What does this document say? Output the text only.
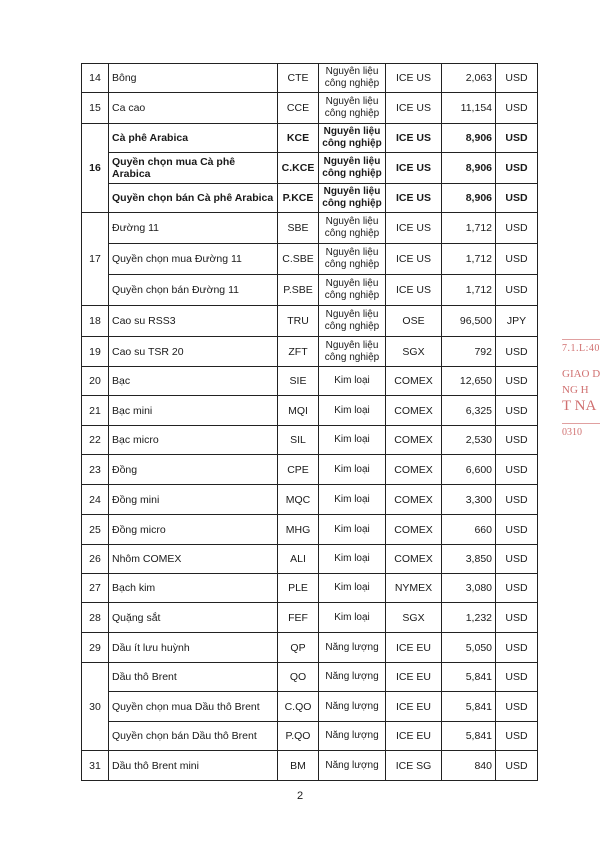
14	Bông	CTE	Nguyên liệu công nghiệp	ICE US	2,063	USD
15	Ca cao	CCE	Nguyên liệu công nghiệp	ICE US	11,154	USD
16	Cà phê Arabica	KCE	Nguyên liệu công nghiệp	ICE US	8,906	USD
	Quyền chọn mua Cà phê Arabica	C.KCE	Nguyên liệu công nghiệp	ICE US	8,906	USD
	Quyền chọn bán Cà phê Arabica	P.KCE	Nguyên liệu công nghiệp	ICE US	8,906	USD
17	Đường 11	SBE	Nguyên liệu công nghiệp	ICE US	1,712	USD
	Quyền chọn mua Đường 11	C.SBE	Nguyên liệu công nghiệp	ICE US	1,712	USD
	Quyền chọn bán Đường 11	P.SBE	Nguyên liệu công nghiệp	ICE US	1,712	USD
18	Cao su RSS3	TRU	Nguyên liệu công nghiệp	OSE	96,500	JPY
19	Cao su TSR 20	ZFT	Nguyên liệu công nghiệp	SGX	792	USD
20	Bạc	SIE	Kim loại	COMEX	12,650	USD
21	Bạc mini	MQI	Kim loại	COMEX	6,325	USD
22	Bạc micro	SIL	Kim loại	COMEX	2,530	USD
23	Đồng	CPE	Kim loại	COMEX	6,600	USD
24	Đồng mini	MQC	Kim loại	COMEX	3,300	USD
25	Đồng micro	MHG	Kim loại	COMEX	660	USD
26	Nhôm COMEX	ALI	Kim loại	COMEX	3,850	USD
27	Bạch kim	PLE	Kim loại	NYMEX	3,080	USD
28	Quặng sắt	FEF	Kim loại	SGX	1,232	USD
29	Dầu ít lưu huỳnh	QP	Năng lượng	ICE EU	5,050	USD
30	Dầu thô Brent	QO	Năng lượng	ICE EU	5,841	USD
	Quyền chọn mua Dầu thô Brent	C.QO	Năng lượng	ICE EU	5,841	USD
	Quyền chọn bán Dầu thô Brent	P.QO	Năng lượng	ICE EU	5,841	USD
31	Dầu thô Brent mini	BM	Năng lượng	ICE SG	840	USD
2
7.1.L:40
GIAO D
NG H
T NA
0310
